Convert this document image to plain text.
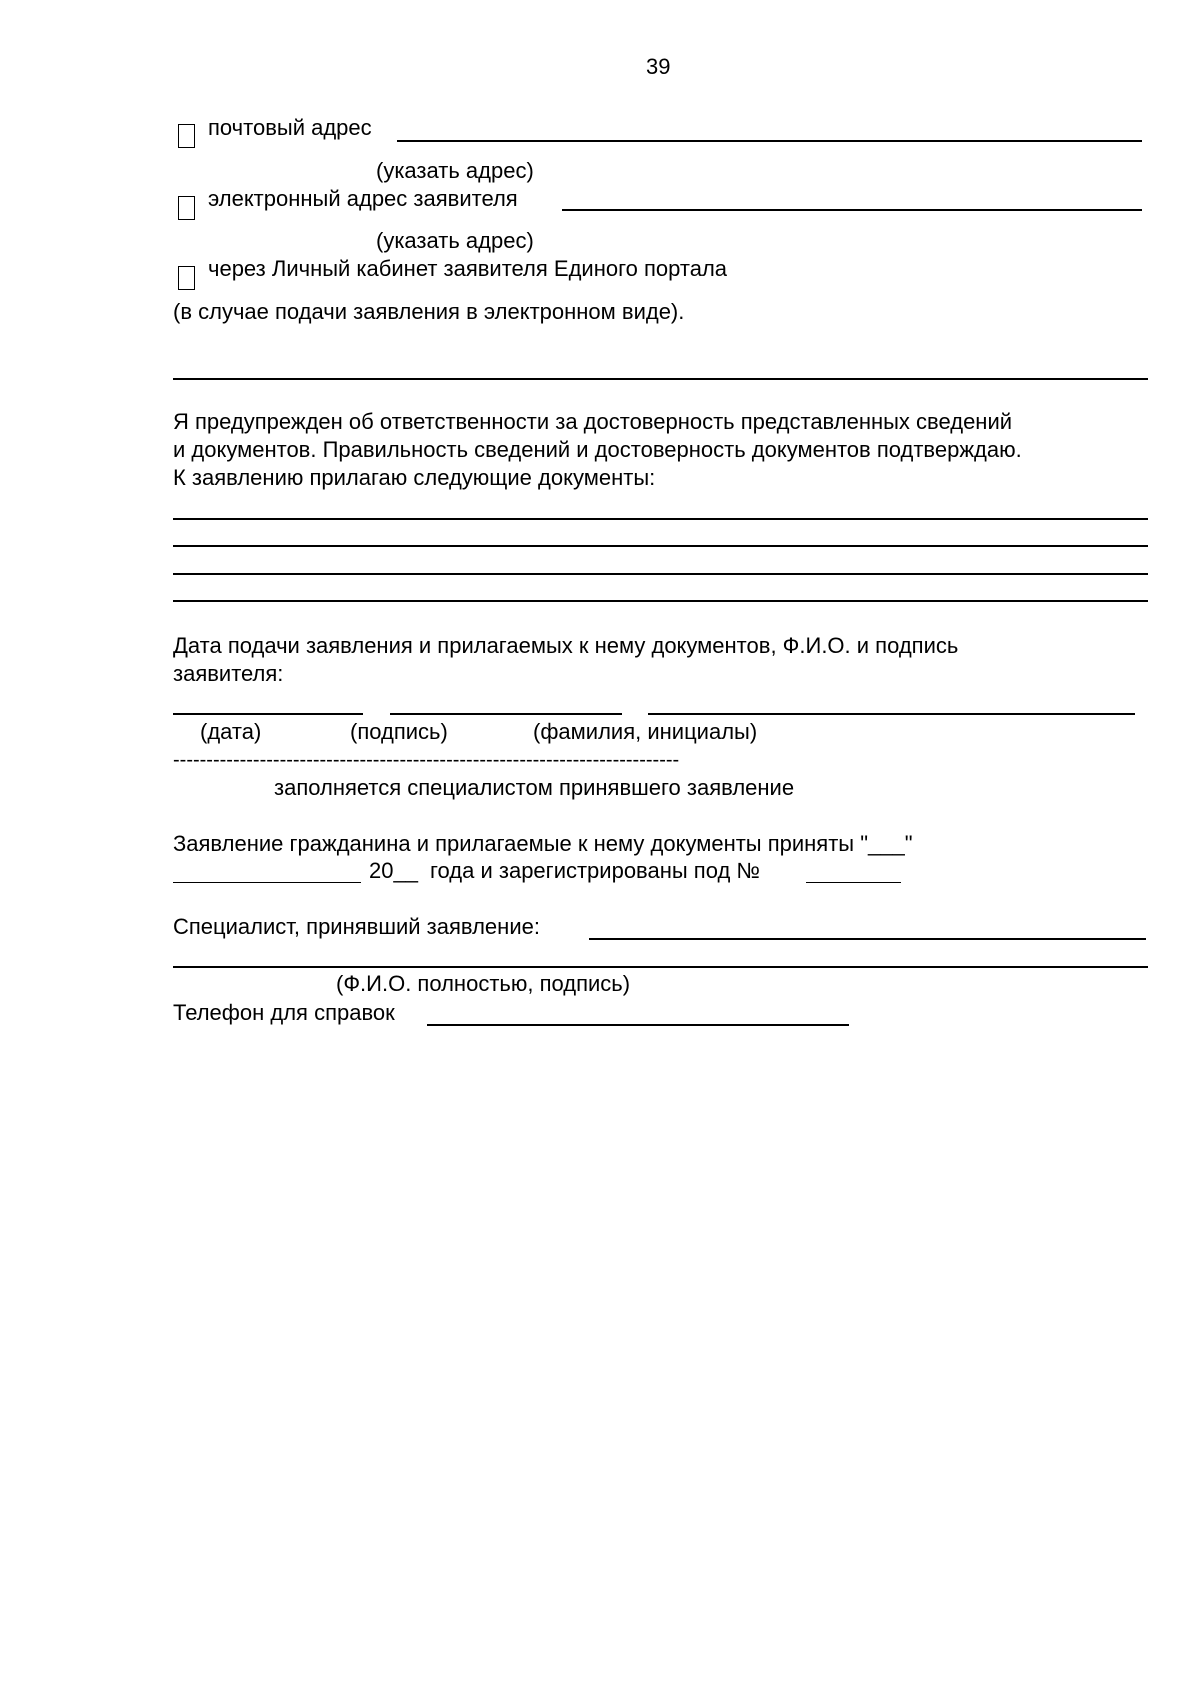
39
почтовый адрес
(указать адрес)
электронный адрес заявителя
(указать адрес)
через Личный кабинет заявителя Единого портала
(в случае подачи заявления в электронном виде).
Я предупрежден об ответственности за достоверность представленных сведений
и документов. Правильность сведений и достоверность документов подтверждаю.
К заявлению прилагаю следующие документы:
Дата подачи заявления и прилагаемых к нему документов, Ф.И.О. и подпись
заявителя:
(дата)	(подпись)	(фамилия, инициалы)
----------------------------------------------------------------------------
заполняется специалистом принявшего заявление
Заявление гражданина и прилагаемые к нему документы приняты "___"
20__ года и зарегистрированы под №
Специалист, принявший заявление:
(Ф.И.О. полностью, подпись)
Телефон для справок
